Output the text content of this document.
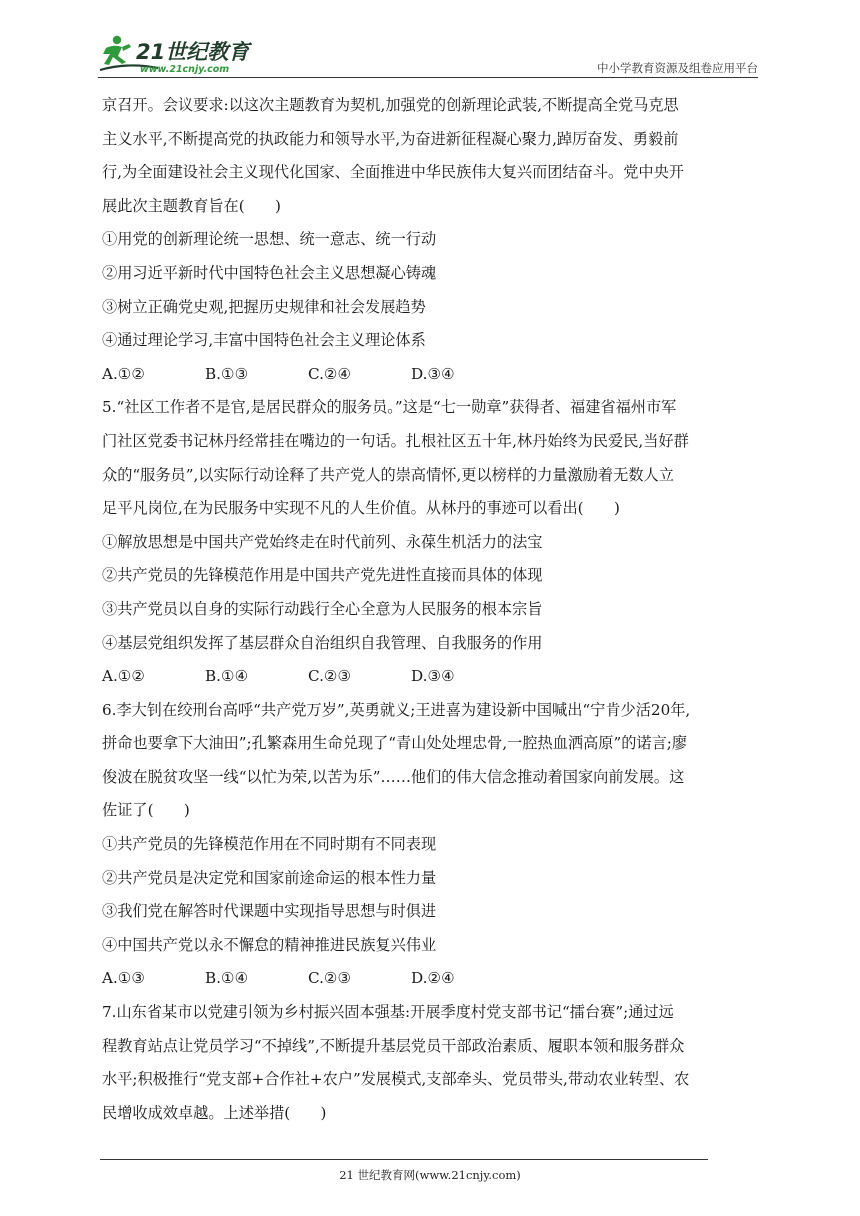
21世纪教育
www.21cnjy.com	中小学教育资源及组卷应用平台
京召开。会议要求:以这次主题教育为契机,加强党的创新理论武装,不断提高全党马克思
主义水平,不断提高党的执政能力和领导水平,为奋进新征程凝心聚力,踔厉奋发、勇毅前
行,为全面建设社会主义现代化国家、全面推进中华民族伟大复兴而团结奋斗。党中央开
展此次主题教育旨在(　　)
①用党的创新理论统一思想、统一意志、统一行动
②用习近平新时代中国特色社会主义思想凝心铸魂
③树立正确党史观,把握历史规律和社会发展趋势
④通过理论学习,丰富中国特色社会主义理论体系
A.①②	B.①③	C.②④	D.③④
5.“社区工作者不是官,是居民群众的服务员。”这是“七一勋章”获得者、福建省福州市军
门社区党委书记林丹经常挂在嘴边的一句话。扎根社区五十年,林丹始终为民爱民,当好群
众的“服务员”,以实际行动诠释了共产党人的崇高情怀,更以榜样的力量激励着无数人立
足平凡岗位,在为民服务中实现不凡的人生价值。从林丹的事迹可以看出(　　)
①解放思想是中国共产党始终走在时代前列、永葆生机活力的法宝
②共产党员的先锋模范作用是中国共产党先进性直接而具体的体现
③共产党员以自身的实际行动践行全心全意为人民服务的根本宗旨
④基层党组织发挥了基层群众自治组织自我管理、自我服务的作用
A.①②	B.①④	C.②③	D.③④
6.李大钊在绞刑台高呼“共产党万岁”,英勇就义;王进喜为建设新中国喊出“宁肯少活20年,
拼命也要拿下大油田”;孔繁森用生命兑现了“青山处处埋忠骨,一腔热血洒高原”的诺言;廖
俊波在脱贫攻坚一线“以忙为荣,以苦为乐”……他们的伟大信念推动着国家向前发展。这
佐证了(　　)
①共产党员的先锋模范作用在不同时期有不同表现
②共产党员是决定党和国家前途命运的根本性力量
③我们党在解答时代课题中实现指导思想与时俱进
④中国共产党以永不懈怠的精神推进民族复兴伟业
A.①③	B.①④	C.②③	D.②④
7.山东省某市以党建引领为乡村振兴固本强基:开展季度村党支部书记“擂台赛”;通过远
程教育站点让党员学习“不掉线”,不断提升基层党员干部政治素质、履职本领和服务群众
水平;积极推行“党支部+合作社+农户”发展模式,支部牵头、党员带头,带动农业转型、农
民增收成效卓越。上述举措(　　)
21 世纪教育网(www.21cnjy.com)
